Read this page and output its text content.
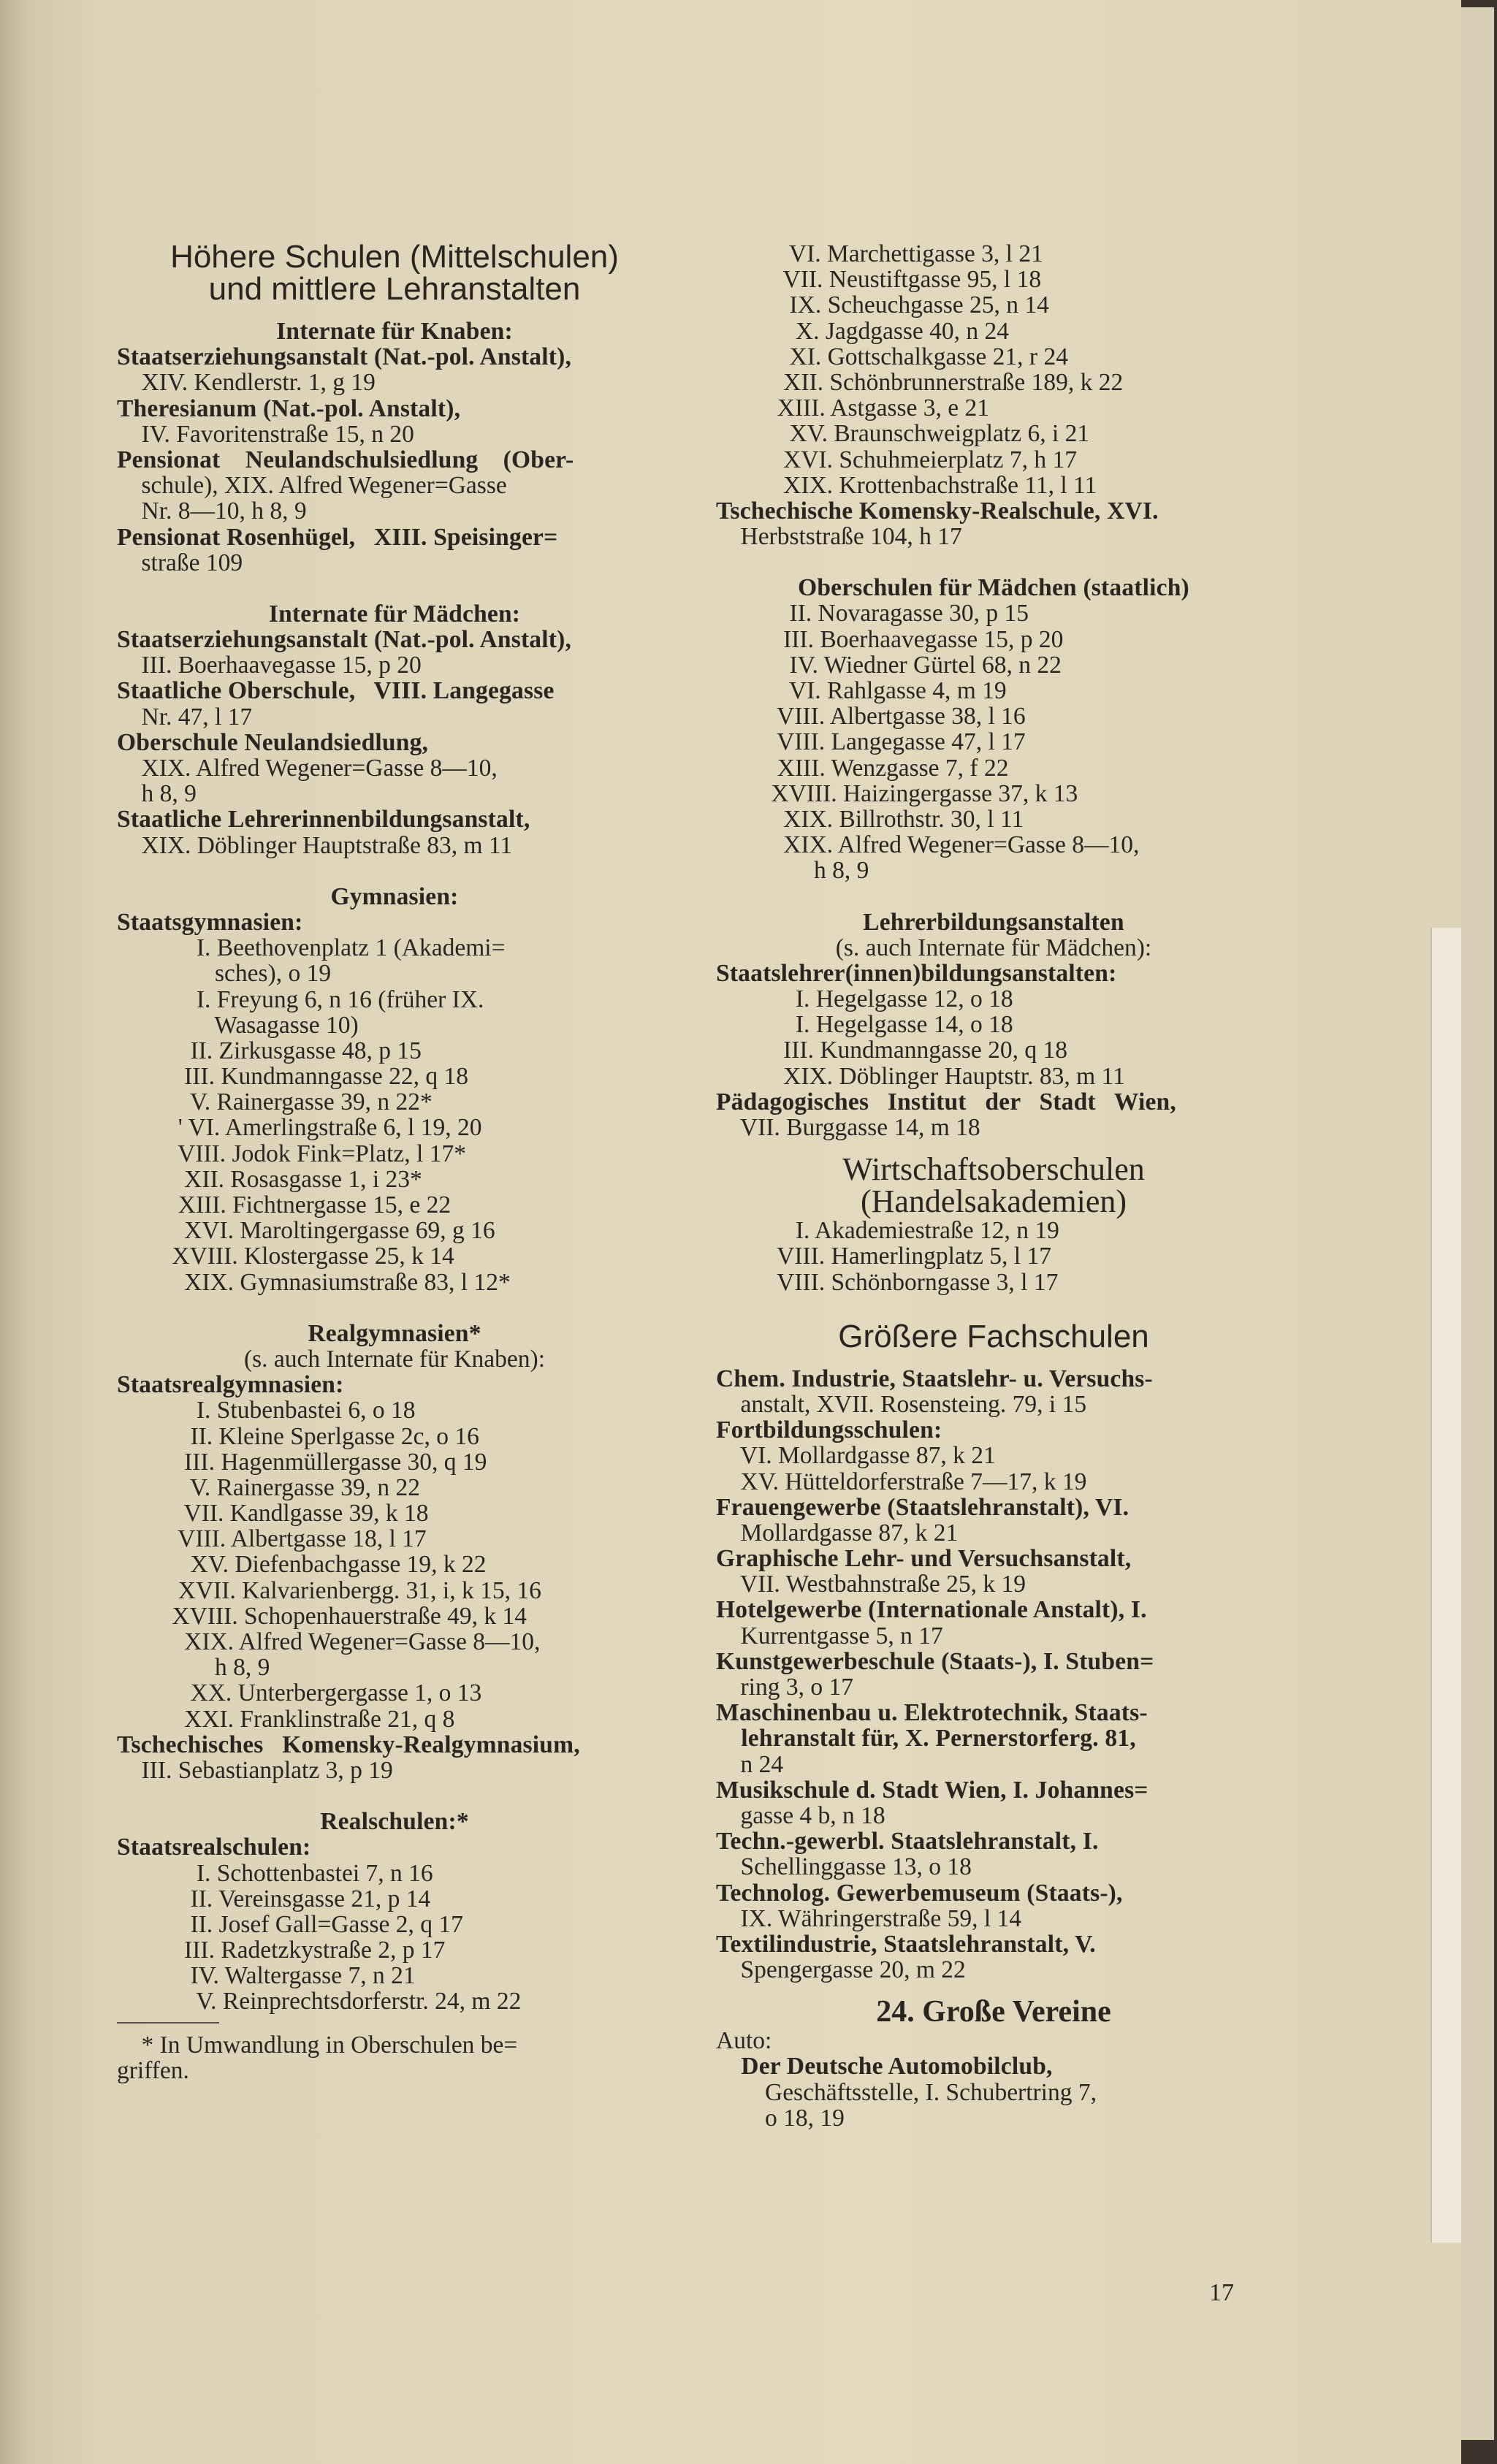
Höhere Schulen (Mittelschulen)
und mittlere Lehranstalten
Internate für Knaben:
Staatserziehungsanstalt (Nat.-pol. Anstalt),
XIV. Kendlerstr. 1, g 19
Theresianum (Nat.-pol. Anstalt),
IV. Favoritenstraße 15, n 20
Pensionat    Neulandschulsiedlung    (Ober-
schule), XIX. Alfred Wegener=Gasse
Nr. 8—10, h 8, 9
Pensionat Rosenhügel,   XIII. Speisinger=
straße 109
Internate für Mädchen:
Staatserziehungsanstalt (Nat.-pol. Anstalt),
III. Boerhaavegasse 15, p 20
Staatliche Oberschule,   VIII. Langegasse
Nr. 47, l 17
Oberschule Neulandsiedlung,
XIX. Alfred Wegener=Gasse 8—10,
h 8, 9
Staatliche Lehrerinnenbildungsanstalt,
XIX. Döblinger Hauptstraße 83, m 11
Gymnasien:
Staatsgymnasien:
I. Beethovenplatz 1 (Akademi=
sches), o 19
I. Freyung 6, n 16 (früher IX.
Wasagasse 10)
II. Zirkusgasse 48, p 15
III. Kundmanngasse 22, q 18
V. Rainergasse 39, n 22*
' VI. Amerlingstraße 6, l 19, 20
VIII. Jodok Fink=Platz, l 17*
XII. Rosasgasse 1, i 23*
XIII. Fichtnergasse 15, e 22
XVI. Maroltingergasse 69, g 16
XVIII. Klostergasse 25, k 14
XIX. Gymnasiumstraße 83, l 12*
Realgymnasien*
(s. auch Internate für Knaben):
Staatsrealgymnasien:
I. Stubenbastei 6, o 18
II. Kleine Sperlgasse 2c, o 16
III. Hagenmüllergasse 30, q 19
V. Rainergasse 39, n 22
VII. Kandlgasse 39, k 18
VIII. Albertgasse 18, l 17
XV. Diefenbachgasse 19, k 22
XVII. Kalvarienbergg. 31, i, k 15, 16
XVIII. Schopenhauerstraße 49, k 14
XIX. Alfred Wegener=Gasse 8—10,
h 8, 9
XX. Unterbergergasse 1, o 13
XXI. Franklinstraße 21, q 8
Tschechisches   Komensky-Realgymnasium,
III. Sebastianplatz 3, p 19
Realschulen:*
Staatsrealschulen:
I. Schottenbastei 7, n 16
II. Vereinsgasse 21, p 14
II. Josef Gall=Gasse 2, q 17
III. Radetzkystraße 2, p 17
IV. Waltergasse 7, n 21
V. Reinprechtsdorferstr. 24, m 22
* In Umwandlung in Oberschulen be=
griffen.
VI. Marchettigasse 3, l 21
VII. Neustiftgasse 95, l 18
IX. Scheuchgasse 25, n 14
X. Jagdgasse 40, n 24
XI. Gottschalkgasse 21, r 24
XII. Schönbrunnerstraße 189, k 22
XIII. Astgasse 3, e 21
XV. Braunschweigplatz 6, i 21
XVI. Schuhmeierplatz 7, h 17
XIX. Krottenbachstraße 11, l 11
Tschechische Komensky-Realschule, XVI.
Herbststraße 104, h 17
Oberschulen für Mädchen (staatlich)
II. Novaragasse 30, p 15
III. Boerhaavegasse 15, p 20
IV. Wiedner Gürtel 68, n 22
VI. Rahlgasse 4, m 19
VIII. Albertgasse 38, l 16
VIII. Langegasse 47, l 17
XIII. Wenzgasse 7, f 22
XVIII. Haizingergasse 37, k 13
XIX. Billrothstr. 30, l 11
XIX. Alfred Wegener=Gasse 8—10,
h 8, 9
Lehrerbildungsanstalten
(s. auch Internate für Mädchen):
Staatslehrer(innen)bildungsanstalten:
I. Hegelgasse 12, o 18
I. Hegelgasse 14, o 18
III. Kundmanngasse 20, q 18
XIX. Döblinger Hauptstr. 83, m 11
Pädagogisches   Institut   der   Stadt   Wien,
VII. Burggasse 14, m 18
Wirtschaftsoberschulen
(Handelsakademien)
I. Akademiestraße 12, n 19
VIII. Hamerlingplatz 5, l 17
VIII. Schönborngasse 3, l 17
Größere Fachschulen
Chem. Industrie, Staatslehr- u. Versuchs-
anstalt, XVII. Rosensteing. 79, i 15
Fortbildungsschulen:
VI. Mollardgasse 87, k 21
XV. Hütteldorferstraße 7—17, k 19
Frauengewerbe (Staatslehranstalt), VI.
Mollardgasse 87, k 21
Graphische Lehr- und Versuchsanstalt,
VII. Westbahnstraße 25, k 19
Hotelgewerbe (Internationale Anstalt), I.
Kurrentgasse 5, n 17
Kunstgewerbeschule (Staats-), I. Stuben=
ring 3, o 17
Maschinenbau u. Elektrotechnik, Staats-
lehranstalt für, X. Pernerstorferg. 81,
n 24
Musikschule d. Stadt Wien, I. Johannes=
gasse 4 b, n 18
Techn.-gewerbl. Staatslehranstalt, I.
Schellinggasse 13, o 18
Technolog. Gewerbemuseum (Staats-),
IX. Währingerstraße 59, l 14
Textilindustrie, Staatslehranstalt, V.
Spengergasse 20, m 22
24. Große Vereine
Auto:
Der Deutsche Automobilclub,
Geschäftsstelle, I. Schubertring 7,
o 18, 19
17
